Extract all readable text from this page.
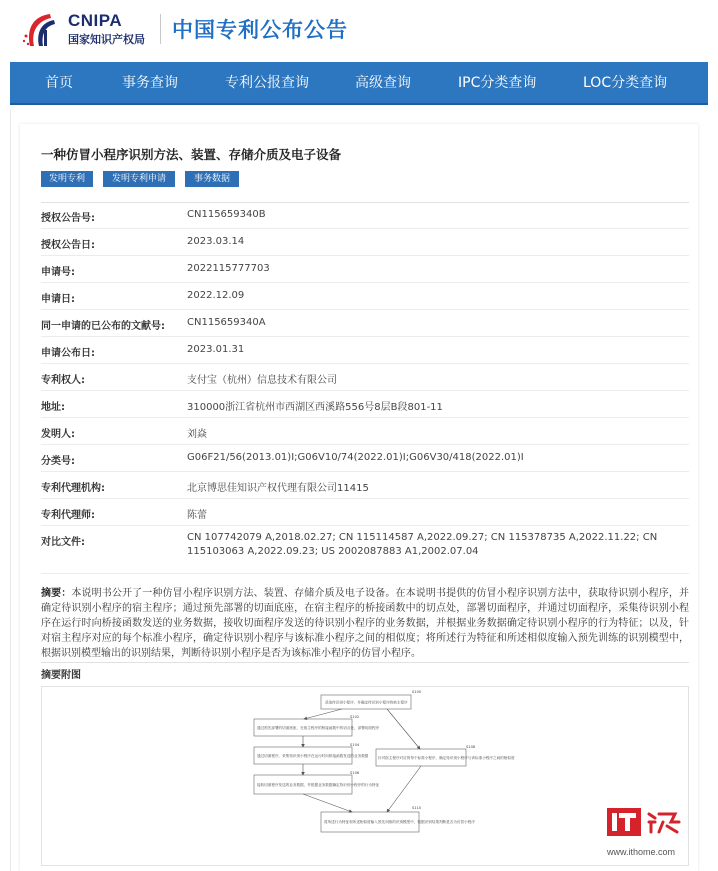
CNIPA
国家知识产权局 中国专利公布公告
首页	事务查询	专利公报查询	高级查询	IPC分类查询	LOC分类查询
一种仿冒小程序识别方法、装置、存储介质及电子设备
发明专利	发明专利申请	事务数据
授权公告号:	CN115659340B
授权公告日:	2023.03.14
申请号:	2022115777703
申请日:	2022.12.09
同一申请的已公布的文献号: CN115659340A
申请公布日:	2023.01.31
专利权人:	支付宝（杭州）信息技术有限公司
地址:	310000浙江省杭州市西湖区西溪路556号8层B段801-11
发明人:	刘焱
分类号:	G06F21/56(2013.01)I;G06V10/74(2022.01)I;G06V30/418(2022.01)I
专利代理机构:	北京博思佳知识产权代理有限公司11415
专利代理师:	陈蕾
对比文件:	CN 107742079 A,2018.02.27; CN 115114587 A,2022.09.27; CN 115378735 A,2022.11.22; CN 115103063 A,2022.09.23; US 2002087883 A1,2002.07.04
摘要：本说明书公开了一种仿冒小程序识别方法、装置、存储介质及电子设备。在本说明书提供的仿冒小程序识别方法中，获取待识别小程序，并确定待识别小程序的宿主程序；通过预先部署的切面底座，在宿主程序的桥接函数中的切点处，部署切面程序，并通过切面程序，采集待识别小程序在运行时向桥接函数发送的业务数据，接收切面程序发送的待识别小程序的业务数据，并根据业务数据确定待识别小程序的行为特征；以及，针对宿主程序对应的每个标准小程序，确定待识别小程序与该标准小程序之间的相似度；将所述行为特征和所述相似度输入预先训练的识别模型中，根据识别模型输出的识别结果，判断待识别小程序是否为该标准小程序的仿冒小程序。
摘要附图
获取待识别小程序，并确定待识别小程序的宿主程序
S100
通过预先部署的切面底座，在宿主程序的桥接函数中的切点处，部署切面程序
S102
通过切面程序，采集待识别小程序在运行时向桥接函数发送的业务数据
S104
接收切面程序发送的业务数据，并根据业务数据确定待识别小程序的行为特征
S106
针对宿主程序对应的每个标准小程序，确定待识别小程序与该标准小程序之间的相似度
S108
将所述行为特征和所述相似度输入预先训练的识别模型中，根据识别结果判断是否为仿冒小程序
S110
www.ithome.com
